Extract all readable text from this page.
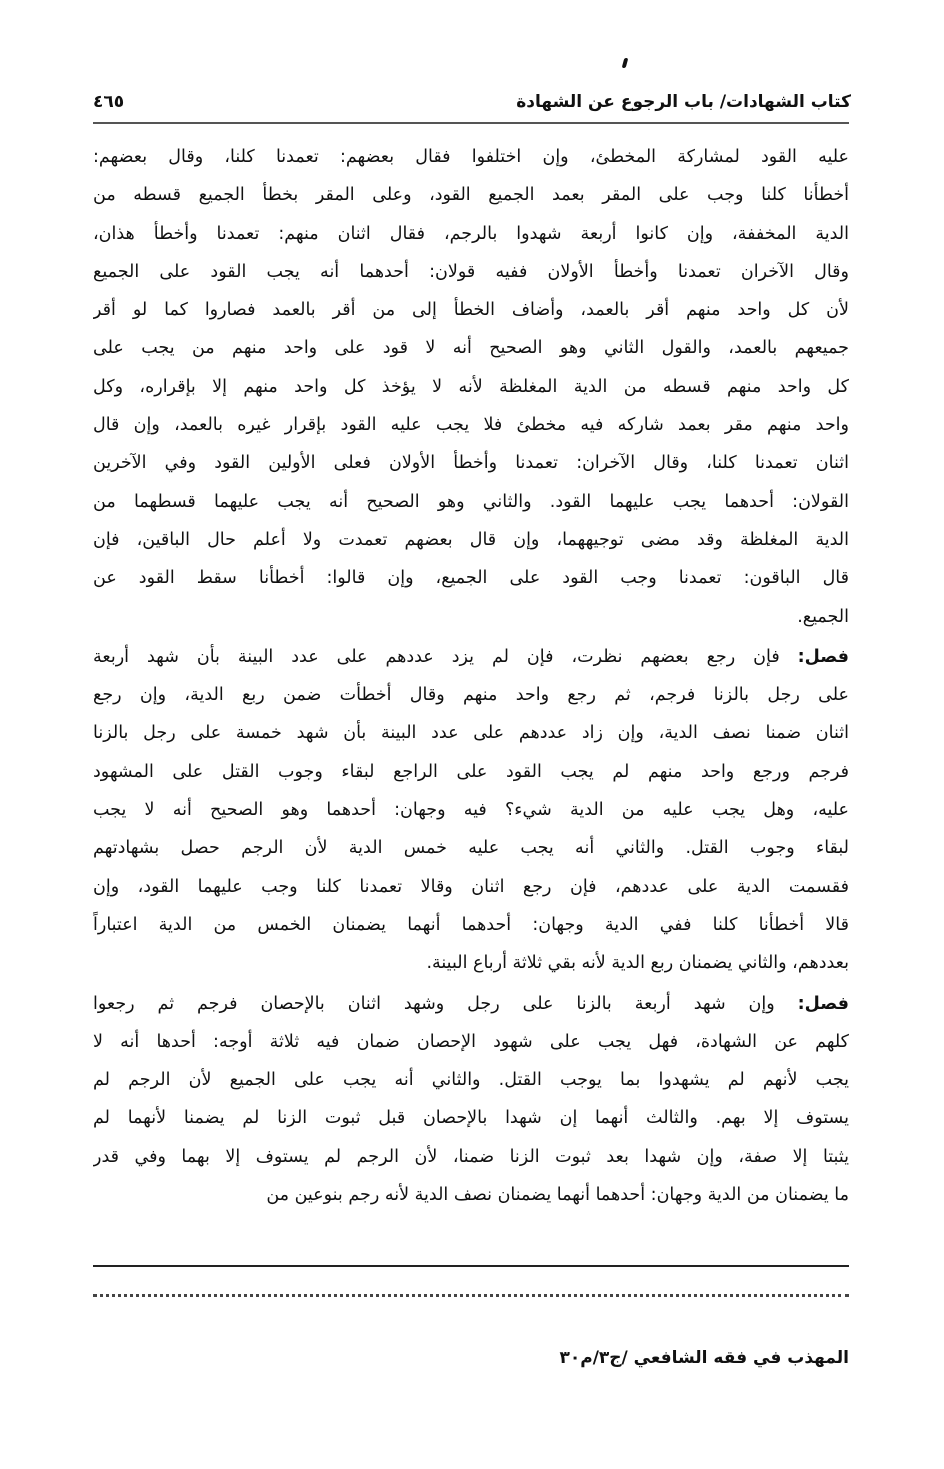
كتاب الشهادات/ باب الرجوع عن الشهادة
٤٦٥
عليه القود لمشاركة المخطئ، وإن اختلفوا فقال بعضهم: تعمدنا كلنا، وقال بعضهم:
أخطأنا كلنا وجب على المقر بعمد الجميع القود، وعلى المقر بخطأ الجميع قسطه من
الدية المخففة، وإن كانوا أربعة شهدوا بالرجم، فقال اثنان منهم: تعمدنا وأخطأ هذان،
وقال الآخران تعمدنا وأخطأ الأولان ففيه قولان: أحدهما أنه يجب القود على الجميع
لأن كل واحد منهم أقر بالعمد، وأضاف الخطأ إلى من أقر بالعمد فصاروا كما لو أقر
جميعهم بالعمد، والقول الثاني وهو الصحيح أنه لا قود على واحد منهم من يجب على
كل واحد منهم قسطه من الدية المغلظة لأنه لا يؤخذ كل واحد منهم إلا بإقراره، وكل
واحد منهم مقر بعمد شاركه فيه مخطئ فلا يجب عليه القود بإقرار غيره بالعمد، وإن قال
اثنان تعمدنا كلنا، وقال الآخران: تعمدنا وأخطأ الأولان فعلى الأولين القود وفي الآخرين
القولان: أحدهما يجب عليهما القود. والثاني وهو الصحيح أنه يجب عليهما قسطهما من
الدية المغلظة وقد مضى توجيههما، وإن قال بعضهم تعمدت ولا أعلم حال الباقين، فإن
قال الباقون: تعمدنا وجب القود على الجميع، وإن قالوا: أخطأنا سقط القود عن
الجميع.
فصل: فإن رجع بعضهم نظرت، فإن لم يزد عددهم على عدد البينة بأن شهد أربعة
على رجل بالزنا فرجم، ثم رجع واحد منهم وقال أخطأت ضمن ربع الدية، وإن رجع
اثنان ضمنا نصف الدية، وإن زاد عددهم على عدد البينة بأن شهد خمسة على رجل بالزنا
فرجم ورجع واحد منهم لم يجب القود على الراجع لبقاء وجوب القتل على المشهود
عليه، وهل يجب عليه من الدية شيء؟ فيه وجهان: أحدهما وهو الصحيح أنه لا يجب
لبقاء وجوب القتل. والثاني أنه يجب عليه خمس الدية لأن الرجم حصل بشهادتهم
فقسمت الدية على عددهم، فإن رجع اثنان وقالا تعمدنا كلنا وجب عليهما القود، وإن
قالا أخطأنا كلنا ففي الدية وجهان: أحدهما أنهما يضمنان الخمس من الدية اعتباراً
بعددهم، والثاني يضمنان ربع الدية لأنه بقي ثلاثة أرباع البينة.
فصل: وإن شهد أربعة بالزنا على رجل وشهد اثنان بالإحصان فرجم ثم رجعوا
كلهم عن الشهادة، فهل يجب على شهود الإحصان ضمان فيه ثلاثة أوجه: أحدها أنه لا
يجب لأنهم لم يشهدوا بما يوجب القتل. والثاني أنه يجب على الجميع لأن الرجم لم
يستوف إلا بهم. والثالث أنهما إن شهدا بالإحصان قبل ثبوت الزنا لم يضمنا لأنهما لم
يثبتا إلا صفة، وإن شهدا بعد ثبوت الزنا ضمنا، لأن الرجم لم يستوف إلا بهما وفي قدر
ما يضمنان من الدية وجهان: أحدهما أنهما يضمنان نصف الدية لأنه رجم بنوعين من
المهذب في فقه الشافعي /ج٣/م٣٠
